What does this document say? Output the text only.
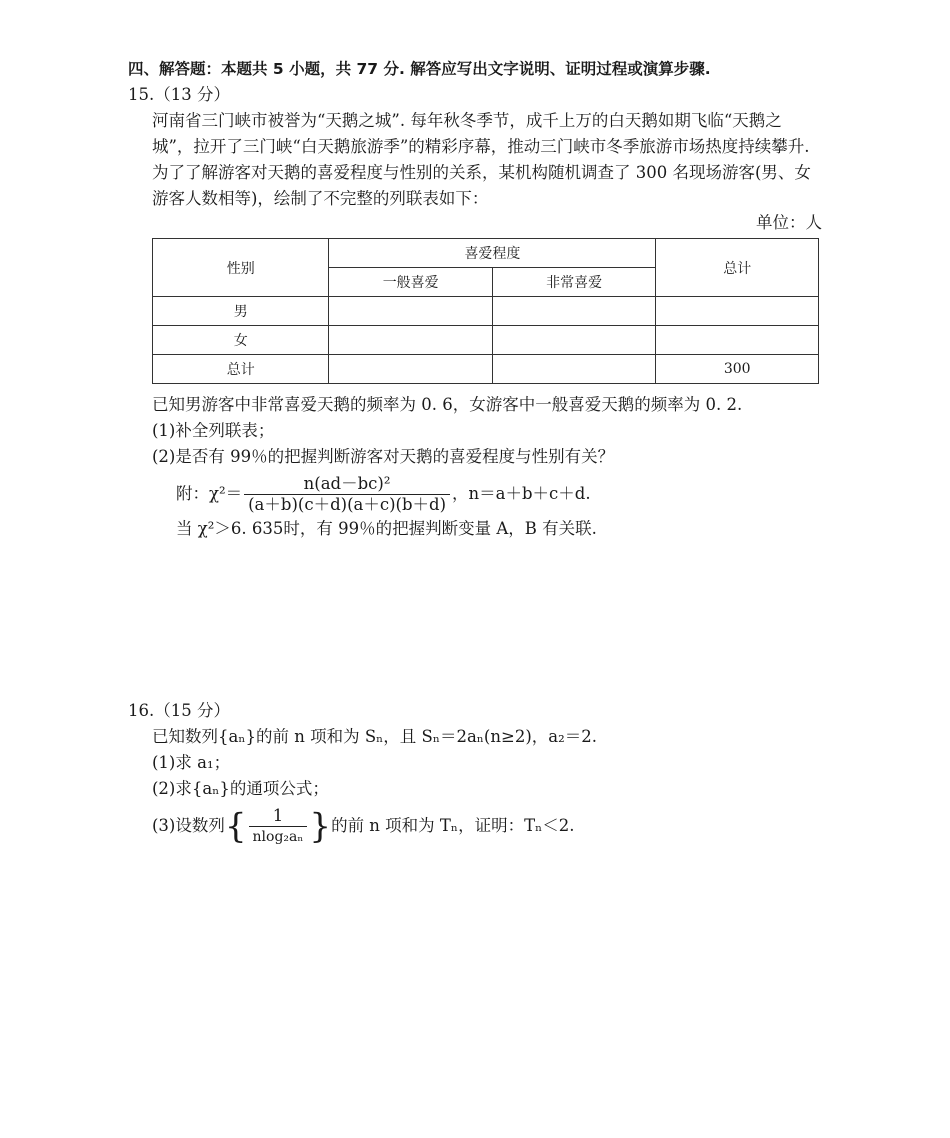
四、解答题：本题共 5 小题，共 77 分. 解答应写出文字说明、证明过程或演算步骤.
15.（13 分）
河南省三门峡市被誉为“天鹅之城”. 每年秋冬季节，成千上万的白天鹅如期飞临“天鹅之
城”，拉开了三门峡“白天鹅旅游季”的精彩序幕，推动三门峡市冬季旅游市场热度持续攀升.
为了了解游客对天鹅的喜爱程度与性别的关系，某机构随机调查了 300 名现场游客(男、女
游客人数相等)，绘制了不完整的列联表如下：
单位：人
性别	喜爱程度		总计
	一般喜爱	非常喜爱	
男			
女			
总计			300
已知男游客中非常喜爱天鹅的频率为 0. 6，女游客中一般喜爱天鹅的频率为 0. 2.
(1)补全列联表；
(2)是否有 99％的把握判断游客对天鹅的喜爱程度与性别有关？
附：$\chi^2= \frac{\text{n(ad－bc)²}}{(a+b)(c+d)(a+c)(b+d)}$ ，n＝a＋b＋c＋d.
当 χ²＞6. 635时，有 99％的把握判断变量 A，B 有关联.
16.（15 分）
已知数列{aₙ}的前 n 项和为 Sₙ，且 Sₙ＝2aₙ(n≥2)，a₂＝2.
(1)求 a₁；
(2)求{aₙ}的通项公式；
(3)设数列{ $\frac{1}{\text{nlog₂aₙ}}$ }的前 n 项和为 Tₙ，证明：Tₙ＜2.
